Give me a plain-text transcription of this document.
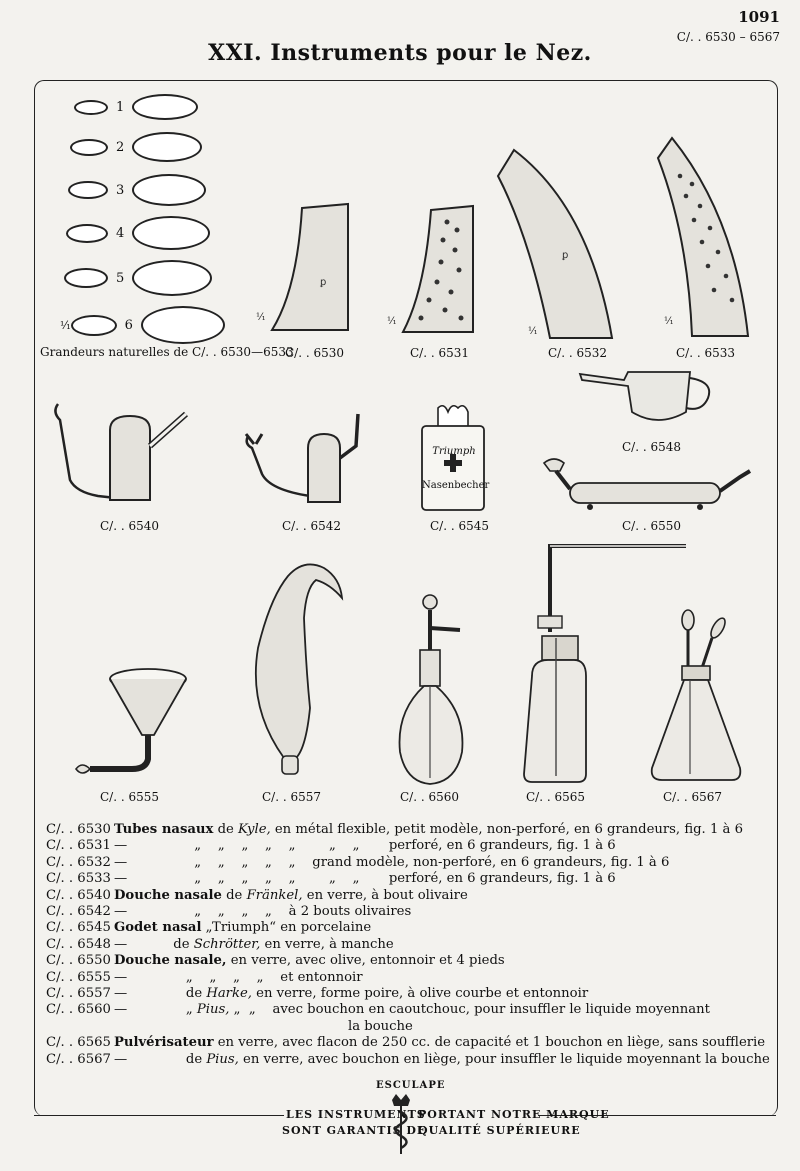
1091
C/. . 6530 – 6567
XXI. Instruments pour le Nez.
1
2
3
4
5
¹⁄₁	6
Grandeurs naturelles de C/. . 6530—6533
ꝑ
¹⁄₁
C/. . 6530
¹⁄₁
C/. . 6531
ꝑ
¹⁄₁
C/. . 6532
¹⁄₁
C/. . 6533
C/. . 6548
C/. . 6540	C/. . 6542
Triumph
Nasenbecher
C/. . 6545	C/. . 6550
C/. . 6555	C/. . 6557	C/. . 6560	C/. . 6565	C/. . 6567
C/. . 6530 Tubes nasaux de Kyle, en métal flexible, petit modèle, non-perforé, en 6 grandeurs, fig. 1 à 6
C/. . 6531 —                „    „    „    „    „        „    „       perforé, en 6 grandeurs, fig. 1 à 6
C/. . 6532 —                „    „    „    „    „    grand modèle, non-perforé, en 6 grandeurs, fig. 1 à 6
C/. . 6533 —                „    „    „    „    „        „    „       perforé, en 6 grandeurs, fig. 1 à 6
C/. . 6540 Douche nasale de Fränkel, en verre, à bout olivaire
C/. . 6542 —                „    „    „    „    à 2 bouts olivaires
C/. . 6545 Godet nasal „Triumph“ en porcelaine
C/. . 6548 —           de Schrötter, en verre, à manche
C/. . 6550 Douche nasale, en verre, avec olive, entonnoir et 4 pieds
C/. . 6555 —              „    „    „    „    et entonnoir
C/. . 6557 —              de Harke, en verre, forme poire, à olive courbe et entonnoir
C/. . 6560 —              „ Pius, „  „    avec bouchon en caoutchouc, pour insuffler le liquide moyennant
la bouche
C/. . 6565 Pulvérisateur en verre, avec flacon de 250 cc. de capacité et 1 bouchon en liège, sans soufflerie
C/. . 6567 —              de Pius, en verre, avec bouchon en liège, pour insuffler le liquide moyennant la bouche
ESCULAPE
LES INSTRUMENTS
SONT GARANTIS DE
PORTANT NOTRE MARQUE
QUALITÉ SUPÉRIEURE
